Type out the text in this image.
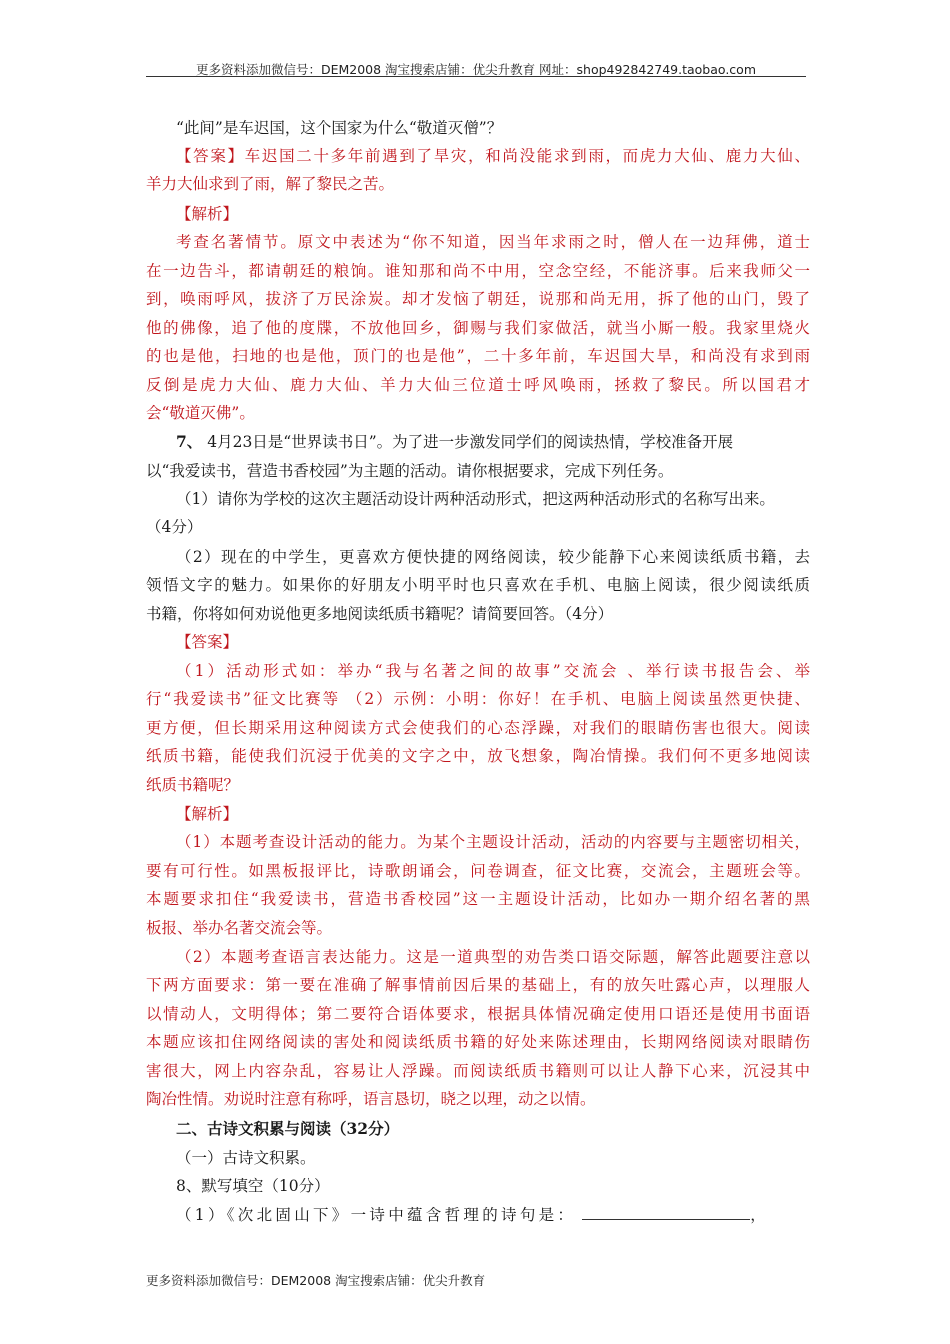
更多资料添加微信号：DEM2008 淘宝搜索店铺：优尖升教育 网址：shop492842749.taobao.com
“此间”是车迟国，这个国家为什么“敬道灭僧”？
【答案】车迟国二十多年前遇到了旱灾，和尚没能求到雨，而虎力大仙、鹿力大仙、
羊力大仙求到了雨，解了黎民之苦。
【解析】
考查名著情节。原文中表述为“你不知道，因当年求雨之时，僧人在一边拜佛，道士
在一边告斗，都请朝廷的粮饷。谁知那和尚不中用，空念空经，不能济事。后来我师父一
到，唤雨呼风，拔济了万民涂炭。却才发恼了朝廷，说那和尚无用，拆了他的山门，毁了
他的佛像，追了他的度牒，不放他回乡，御赐与我们家做活，就当小厮一般。我家里烧火
的也是他，扫地的也是他，顶门的也是他”，二十多年前，车迟国大旱，和尚没有求到雨
反倒是虎力大仙、鹿力大仙、羊力大仙三位道士呼风唤雨，拯救了黎民。所以国君才
会“敬道灭佛”。
7、 4月23日是“世界读书日”。为了进一步激发同学们的阅读热情，学校准备开展
以“我爱读书，营造书香校园”为主题的活动。请你根据要求，完成下列任务。
（1）请你为学校的这次主题活动设计两种活动形式，把这两种活动形式的名称写出来。
（4分）
（2）现在的中学生，更喜欢方便快捷的网络阅读，较少能静下心来阅读纸质书籍，去
领悟文字的魅力。如果你的好朋友小明平时也只喜欢在手机、电脑上阅读，很少阅读纸质
书籍，你将如何劝说他更多地阅读纸质书籍呢？请简要回答。（4分）
【答案】
（1）活动形式如：举办“我与名著之间的故事”交流会 、举行读书报告会、举
行“我爱读书”征文比赛等 （2）示例：小明：你好！在手机、电脑上阅读虽然更快捷、
更方便，但长期采用这种阅读方式会使我们的心态浮躁，对我们的眼睛伤害也很大。阅读
纸质书籍，能使我们沉浸于优美的文字之中，放飞想象，陶冶情操。我们何不更多地阅读
纸质书籍呢？
【解析】
（1）本题考查设计活动的能力。为某个主题设计活动，活动的内容要与主题密切相关，
要有可行性。如黑板报评比，诗歌朗诵会，问卷调查，征文比赛，交流会，主题班会等。
本题要求扣住“我爱读书，营造书香校园”这一主题设计活动，比如办一期介绍名著的黑
板报、举办名著交流会等。
（2）本题考查语言表达能力。这是一道典型的劝告类口语交际题，解答此题要注意以
下两方面要求：第一要在准确了解事情前因后果的基础上，有的放矢吐露心声，以理服人
以情动人，文明得体；第二要符合语体要求，根据具体情况确定使用口语还是使用书面语
本题应该扣住网络阅读的害处和阅读纸质书籍的好处来陈述理由，长期网络阅读对眼睛伤
害很大，网上内容杂乱，容易让人浮躁。而阅读纸质书籍则可以让人静下心来，沉浸其中
陶冶性情。劝说时注意有称呼，语言恳切，晓之以理，动之以情。
二、古诗文积累与阅读（32分）
（一）古诗文积累。
8、默写填空（10分）
（1）《次北固山下》一诗中蕴含哲理的诗句是：	，
更多资料添加微信号：DEM2008 淘宝搜索店铺：优尖升教育
